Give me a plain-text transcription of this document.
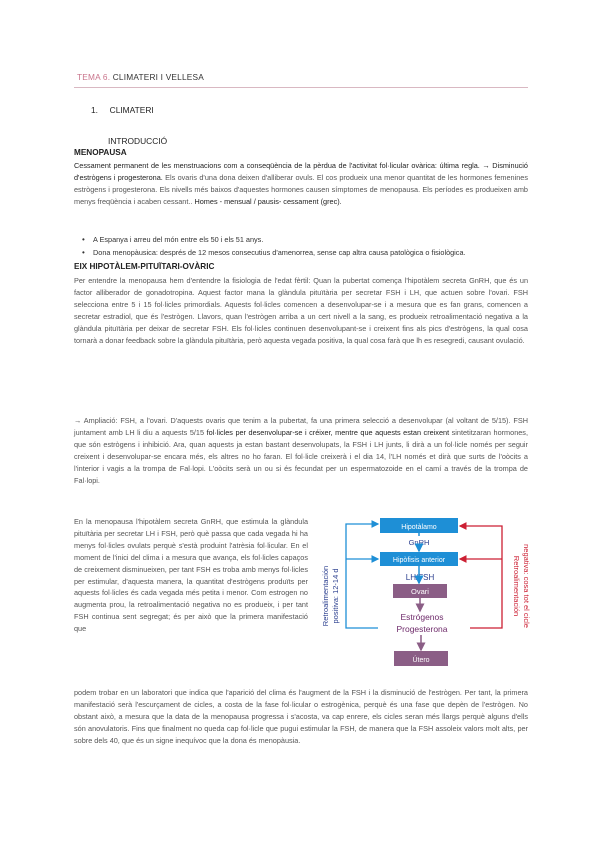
TEMA 6. CLIMATERI I VELLESA
1. CLIMATERI
INTRODUCCIÓ
MENOPAUSA
Cessament permanent de les menstruacions com a conseqüència de la pèrdua de l'activitat fol·licular ovàrica: última regla. → Disminució d'estrògens i progesterona. Els ovaris d'una dona deixen d'alliberar ovuls. El cos produeix una menor quantitat de les hormones femenines estrògens i progesterona. Els nivells més baixos d'aquestes hormones causen símptomes de menopausa. Els períodes es produeixen amb menys freqüència i acaben cessant.. Homes - mensual / pausis- cessament (grec).
• A Espanya i arreu del món entre els 50 i els 51 anys.
• Dona menopàusica: després de 12 mesos consecutius d'amenorrea, sense cap altra causa patològica o fisiològica.
EIX HIPOTÀLEM-PITUÏTARI-OVÀRIC
Per entendre la menopausa hem d'entendre la fisiologia de l'edat fèrtil: Quan la pubertat comença l'hipotàlem secreta GnRH, que és un factor alliberador de gonadotropina. Aquest factor mana la glàndula pituïtària per secretar FSH i LH, que actuen sobre l'ovari. FSH selecciona entre 5 i 15 fol·licles primordials. Aquests fol·licles comencen a desenvolupar-se i a mesura que es fan grans, comencen a secretar estradiol, que és l'estrògen. Llavors, quan l'estrògen arriba a un cert nivell a la sang, es produeix retroalimentació negativa a la glàndula pituïtària per deixar de secretar FSH. Els fol·licles continuen desenvolupant-se i creixent fins als pics d'estrògens, la qual cosa tornarà a donar feedback sobre la glàndula pituïtària, però aquesta vegada positiva, la qual cosa farà que lh es resegredi, causant ovulació.
→ Ampliació: FSH, a l'ovari. D'aquests ovaris que tenim a la pubertat, fa una primera selecció a desenvolupar (al voltant de 5/15). FSH juntament amb LH li diu a aquests 5/15 fol·licles per desenvolupar-se i créixer, mentre que aquests estan creixent sintetitzaran hormones, que són estrògens i inhibició. Ara, quan aquests ja estan bastant desenvolupats, la FSH i LH junts, li dirà a un fol·licle només per seguir creixent i desenvolupar-se encara més, els altres no ho faran. El fol·licle creixerà i el dia 14, l'LH només et dirà que surts de l'oòcits a l'interior i vagis a la trompa de Fal·lopi. L'oòcits serà un ou si és fecundat per un espermatozoide en el camí a través de la trompa de Fal·lopi.
En la menopausa l'hipotàlem secreta GnRH, que estimula la glàndula pituïtària per secretar LH i FSH, però què passa que cada vegada hi ha menys fol·licles ovulats perquè s'està produint l'atrèsia fol·licular. En el moment de l'inici del clima i a mesura que avança, els fol·licles capaços de creixement disminueixen, per tant FSH es troba amb menys fol·licles per estimular, d'aquesta manera, la quantitat d'estrògens produïts per aquests fol·licles és cada vegada més petita i menor. Com estrogen no augmenta prou, la retroalimentació negativa no es produeix, i per tant FSH continua sent segregat; és per això que la primera manifestació que
podem trobar en un laboratori que indica que l'aparició del clima és l'augment de la FSH i la disminució de l'estrògen. Per tant, la primera manifestació serà l'escurçament de cicles, a costa de la fase fol·licular o estrogènica, perquè és una fase que depèn de l'estrògen. No obstant això, a mesura que la data de la menopausa progressa i s'acosta, va cap enrere, els cicles seran més llargs perquè alguns d'ells són anovulatoris. Fins que finalment no queda cap fol·licle que pugui estimular la FSH, de manera que la FSH assoleix valors molt alts, per sobre dels 40, que és un signe inequívoc que la dona és menopàusia.
Hipotàlamo
GnRH
Hipòfisis anterior
LH/FSH
Ovari
Estrógenos
Progesterona
Útero
Retroalimentación positiva: 12-14 d	Retroalimentación negativa: cosa tot el cicle
